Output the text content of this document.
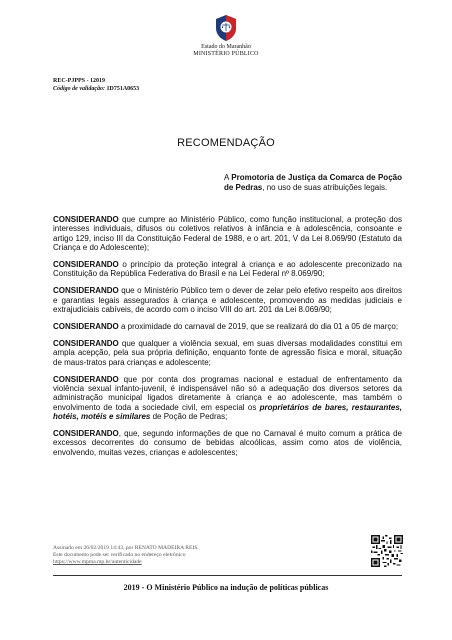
Estado do Maranhão
MINISTÉRIO PÚBLICO
REC-PJPPS - 12019
Código de validação: 1D751A0653
RECOMENDAÇÃO
A Promotoria de Justiça da Comarca de Poção de Pedras, no uso de suas atribuições legais.

CONSIDERANDO que cumpre ao Ministério Público, como função institucional, a proteção dos interesses individuais, difusos ou coletivos relativos à infância e à adolescência, consoante e artigo 129, inciso III da Constituição Federal de 1988, e o art. 201, V da Lei 8.069/90 (Estatuto da Criança e do Adolescente);

CONSIDERANDO o princípio da proteção integral à criança e ao adolescente preconizado na Constituição da República Federativa do Brasil e na Lei Federal nº 8.069/90;

CONSIDERANDO que o Ministério Público tem o dever de zelar pelo efetivo respeito aos direitos e garantias legais assegurados à criança e adolescente, promovendo as medidas judiciais e extrajudiciais cabíveis, de acordo com o inciso VIII do art. 201 da Lei 8.069/90;

CONSIDERANDO a proximidade do carnaval de 2019, que se realizará do dia 01 a 05 de março;

CONSIDERANDO que qualquer a violência sexual, em suas diversas modalidades constitui em ampla acepção, pela sua própria definição, enquanto fonte de agressão física e moral, situação de maus-tratos para crianças e adolescente;

CONSIDERANDO que por conta dos programas nacional e estadual de enfrentamento da violência sexual infanto-juvenil, é indispensável não só a adequação dos diversos setores da administração municipal ligados diretamente à criança e ao adolescente, mas também o envolvimento de toda a sociedade civil, em especial os proprietários de bares, restaurantes, hotéis, motéis e similares de Poção de Pedras;

CONSIDERANDO, que, segundo informações de que no Carnaval é muito comum a prática de excessos decorrentes do consumo de bebidas alcoólicas, assim como atos de violência, envolvendo, muitas vezes, crianças e adolescentes;

Assinado em 26/02/2019 14:43, por RENATO MADEIRA REIS.
Este documento pode ser verificado no endereço eletrônico
https://www.mpma.mp.br/autenticidade
2019 - O Ministério Público na indução de políticas públicas
